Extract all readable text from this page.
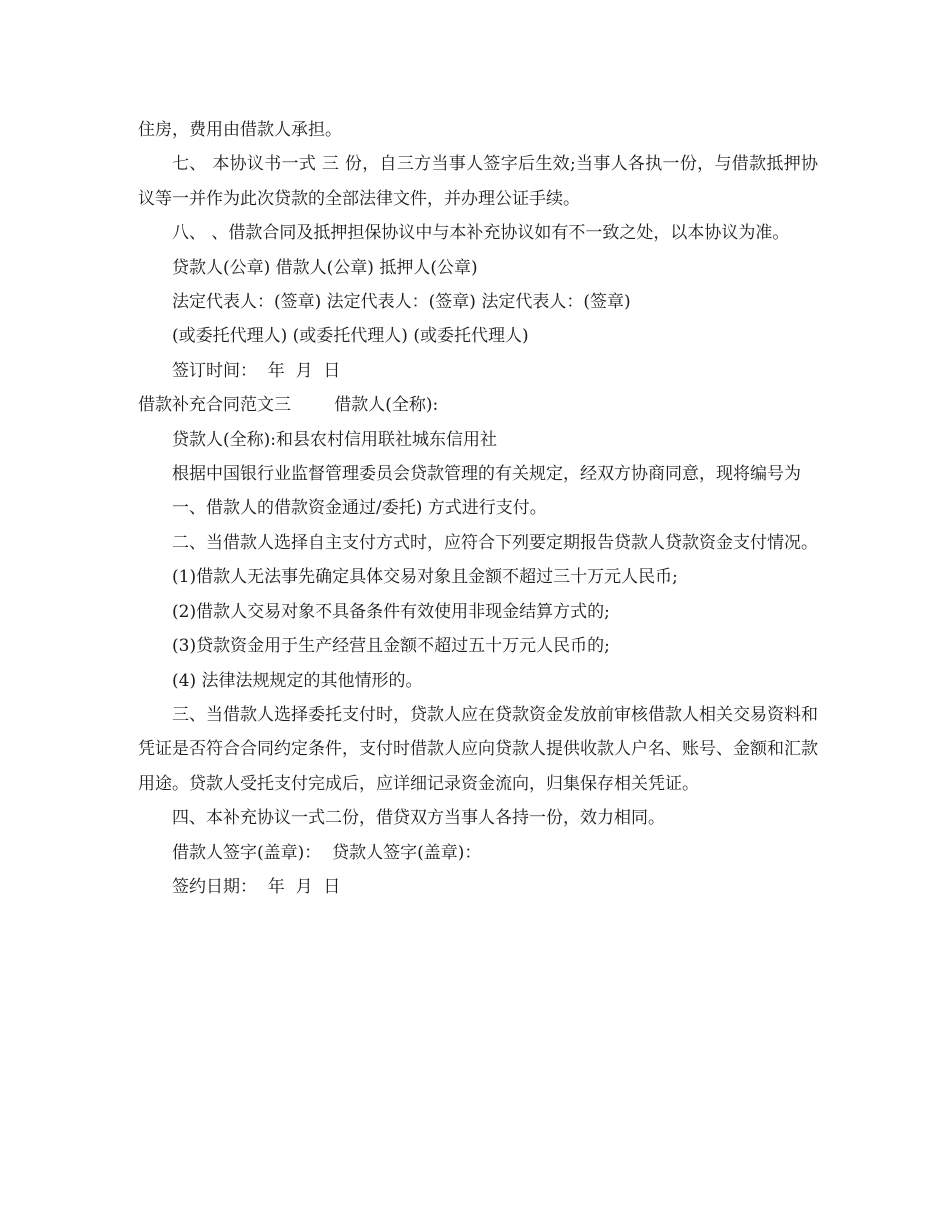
住房，费用由借款人承担。

七、 本协议书一式 三 份，自三方当事人签字后生效;当事人各执一份，与借款抵押协议等一并作为此次贷款的全部法律文件，并办理公证手续。

八、 、借款合同及抵押担保协议中与本补充协议如有不一致之处，以本协议为准。

贷款人(公章) 借款人(公章) 抵押人(公章)

法定代表人：(签章) 法定代表人：(签章) 法定代表人：(签章)

(或委托代理人) (或委托代理人) (或委托代理人)

签订时间：  年  月  日

借款补充合同范文三        借款人(全称):

贷款人(全称):和县农村信用联社城东信用社

根据中国银行业监督管理委员会贷款管理的有关规定，经双方协商同意，现将编号为

一、借款人的借款资金通过/委托) 方式进行支付。

二、当借款人选择自主支付方式时，应符合下列要定期报告贷款人贷款资金支付情况。

(1)借款人无法事先确定具体交易对象且金额不超过三十万元人民币;

(2)借款人交易对象不具备条件有效使用非现金结算方式的;

(3)贷款资金用于生产经营且金额不超过五十万元人民币的;

(4) 法律法规规定的其他情形的。

三、当借款人选择委托支付时，贷款人应在贷款资金发放前审核借款人相关交易资料和凭证是否符合合同约定条件，支付时借款人应向贷款人提供收款人户名、账号、金额和汇款用途。贷款人受托支付完成后，应详细记录资金流向，归集保存相关凭证。

四、本补充协议一式二份，借贷双方当事人各持一份，效力相同。

借款人签字(盖章)：  贷款人签字(盖章)：

签约日期：  年  月  日
